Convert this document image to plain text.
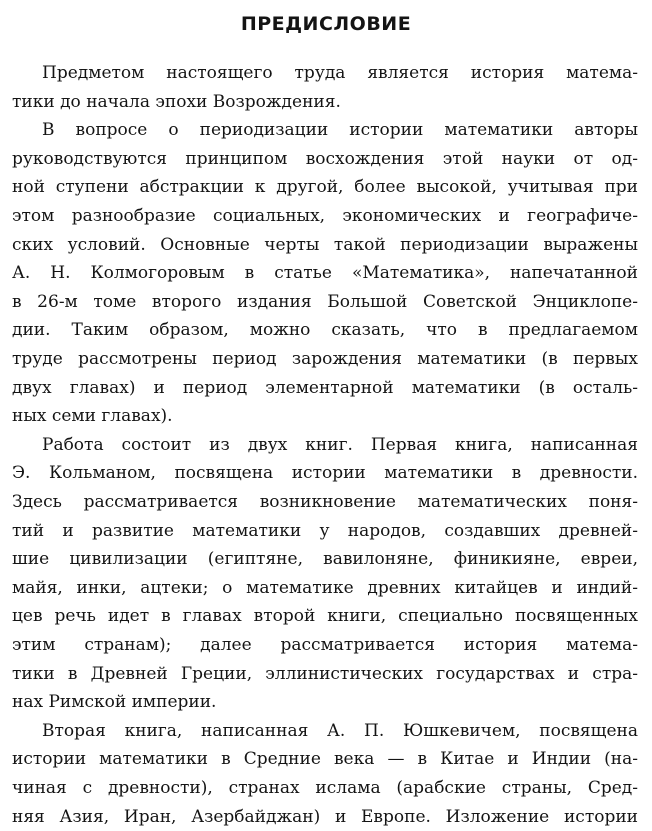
ПРЕДИСЛОВИЕ
Предметом настоящего труда является история матема-
тики до начала эпохи Возрождения.
В вопросе о периодизации истории математики авторы
руководствуются принципом восхождения этой науки от од-
ной ступени абстракции к другой, более высокой, учитывая при
этом разнообразие социальных, экономических и географиче-
ских условий. Основные черты такой периодизации выражены
А. Н. Колмогоровым в статье «Математика», напечатанной
в 26-м томе второго издания Большой Советской Энциклопе-
дии. Таким образом, можно сказать, что в предлагаемом
труде рассмотрены период зарождения математики (в первых
двух главах) и период элементарной математики (в осталь-
ных семи главах).
Работа состоит из двух книг. Первая книга, написанная
Э. Кольманом, посвящена истории математики в древности.
Здесь рассматривается возникновение математических поня-
тий и развитие математики у народов, создавших древней-
шие цивилизации (египтяне, вавилоняне, финикияне, евреи,
майя, инки, ацтеки; о математике древних китайцев и индий-
цев речь идет в главах второй книги, специально посвященных
этим странам); далее рассматривается история матема-
тики в Древней Греции, эллинистических государствах и стра-
нах Римской империи.
Вторая книга, написанная А. П. Юшкевичем, посвящена
истории математики в Средние века — в Китае и Индии (на-
чиная с древности), странах ислама (арабские страны, Сред-
няя Азия, Иран, Азербайджан) и Европе. Изложение истории
